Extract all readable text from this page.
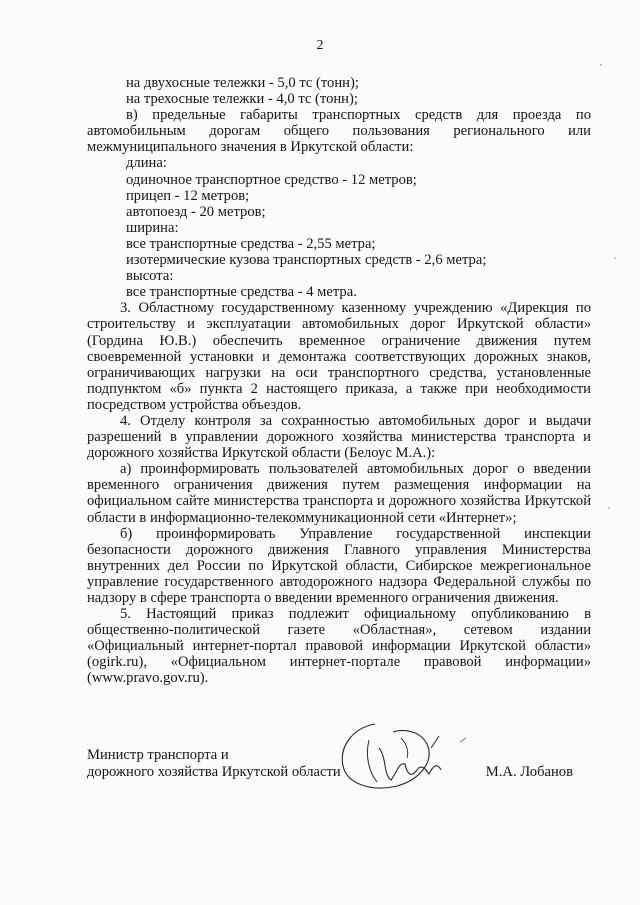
2
на двухосные тележки - 5,0 тс (тонн);
на трехосные тележки - 4,0 тс (тонн);
в) предельные габариты транспортных средств для проезда по
автомобильным дорогам общего пользования регионального или
межмуниципального значения в Иркутской области:
длина:
одиночное транспортное средство - 12 метров;
прицеп - 12 метров;
автопоезд - 20 метров;
ширина:
все транспортные средства - 2,55 метра;
изотермические кузова транспортных средств - 2,6 метра;
высота:
все транспортные средства - 4 метра.
3. Областному государственному казенному учреждению «Дирекция по
строительству и эксплуатации автомобильных дорог Иркутской области»
(Гордина Ю.В.) обеспечить временное ограничение движения путем
своевременной установки и демонтажа соответствующих дорожных знаков,
ограничивающих нагрузки на оси транспортного средства, установленные
подпунктом «б» пункта 2 настоящего приказа, а также при необходимости
посредством устройства объездов.
4. Отделу контроля за сохранностью автомобильных дорог и выдачи
разрешений в управлении дорожного хозяйства министерства транспорта и
дорожного хозяйства Иркутской области (Белоус М.А.):
а) проинформировать пользователей автомобильных дорог о введении
временного ограничения движения путем размещения информации на
официальном сайте министерства транспорта и дорожного хозяйства Иркутской
области в информационно-телекоммуникационной сети «Интернет»;
б) проинформировать Управление государственной инспекции
безопасности дорожного движения Главного управления Министерства
внутренних дел России по Иркутской области, Сибирское межрегиональное
управление государственного автодорожного надзора Федеральной службы по
надзору в сфере транспорта о введении временного ограничения движения.
5. Настоящий приказ подлежит официальному опубликованию в
общественно-политической газете «Областная», сетевом издании
«Официальный интернет-портал правовой информации Иркутской области»
(ogirk.ru), «Официальном интернет-портале правовой информации»
(www.pravo.gov.ru).
Министр транспорта и
дорожного хозяйства Иркутской области	М.А. Лобанов
